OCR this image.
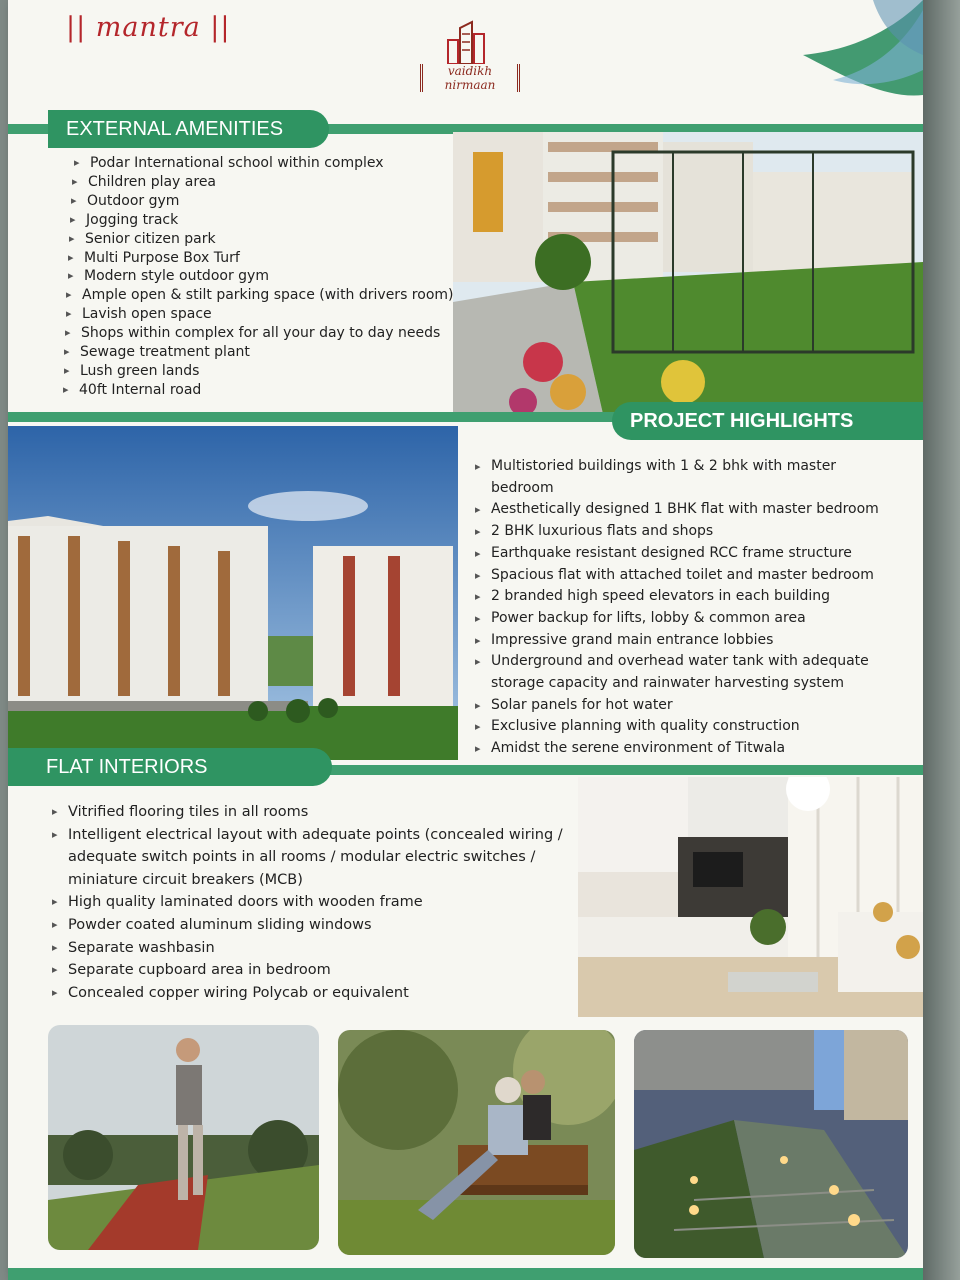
|| mantra ||
vaidikh
nirmaan
EXTERNAL AMENITIES
▸ Podar International school within complex
▸ Children play area
▸ Outdoor gym
▸ Jogging track
▸ Senior citizen park
▸ Multi Purpose Box Turf
▸ Modern style outdoor gym
▸ Ample open & stilt parking space (with drivers room)
▸ Lavish open space
▸ Shops within complex for all your day to day needs
▸ Sewage treatment plant
▸ Lush green lands
▸ 40ft Internal road
PROJECT HIGHLIGHTS
▸ Multistoried buildings with 1 & 2 bhk with master bedroom
▸ Aesthetically designed 1 BHK flat with master bedroom
▸ 2 BHK luxurious flats and shops
▸ Earthquake resistant designed RCC frame structure
▸ Spacious flat with attached toilet and master bedroom
▸ 2 branded high speed elevators in each building
▸ Power backup for lifts, lobby & common area
▸ Impressive grand main entrance lobbies
▸ Underground and overhead water tank with adequate storage capacity and rainwater harvesting system
▸ Solar panels for hot water
▸ Exclusive planning with quality construction
▸ Amidst the serene environment of Titwala
FLAT INTERIORS
▸ Vitrified flooring tiles in all rooms
▸ Intelligent electrical layout with adequate points (concealed wiring / adequate switch points in all rooms / modular electric switches / miniature circuit breakers (MCB)
▸ High quality laminated doors with wooden frame
▸ Powder coated aluminum sliding windows
▸ Separate washbasin
▸ Separate cupboard area in bedroom
▸ Concealed copper wiring Polycab or equivalent
